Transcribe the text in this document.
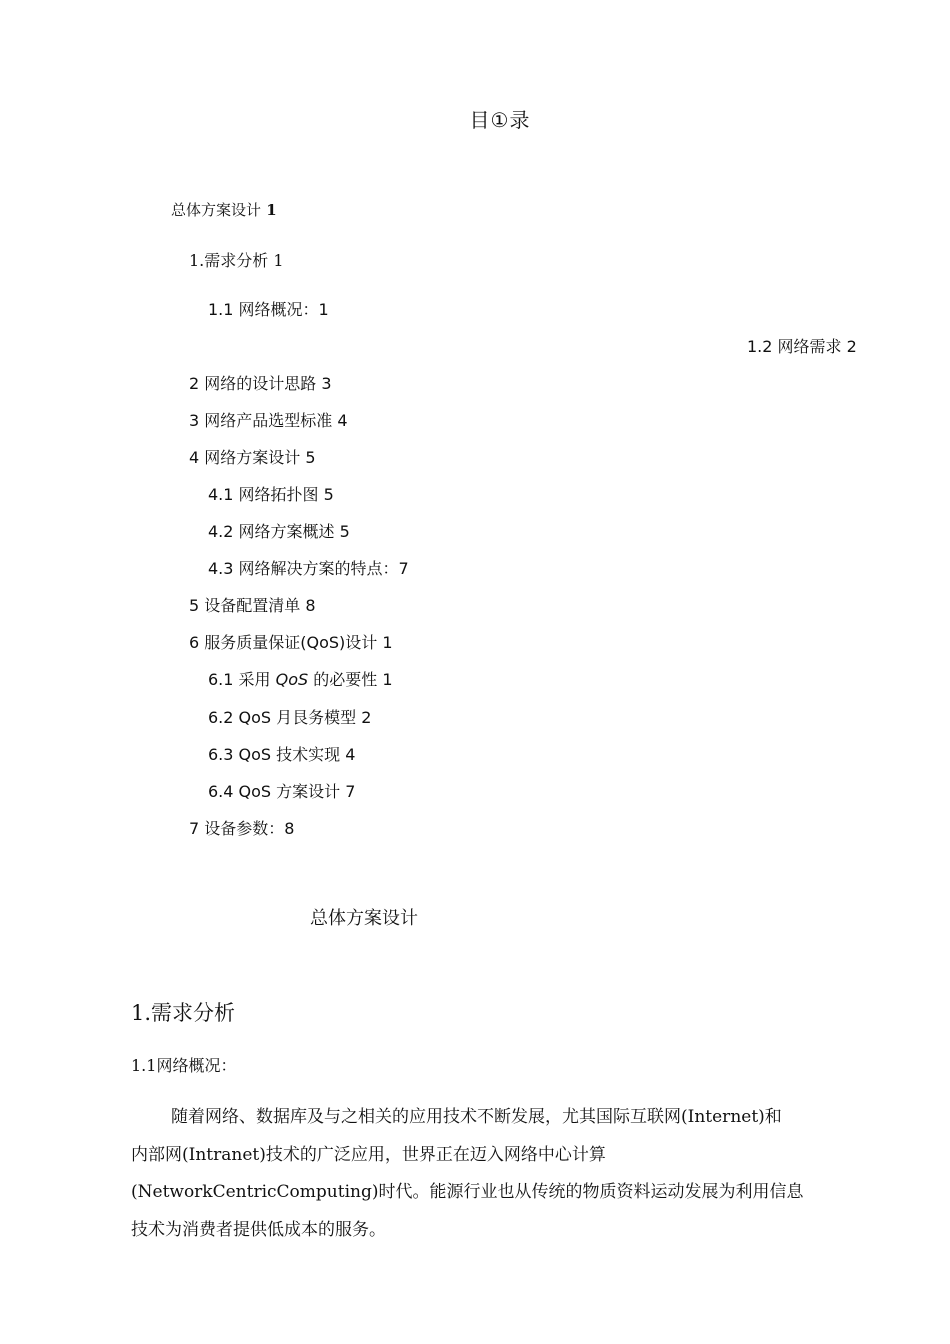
目①录
总体方案设计 1
1.需求分析 1
1.1 网络概况：1
1.2 网络需求 2
2 网络的设计思路 3
3 网络产品选型标准 4
4 网络方案设计 5
4.1 网络拓扑图 5
4.2 网络方案概述 5
4.3 网络解决方案的特点：7
5 设备配置清单 8
6 服务质量保证(QoS)设计 1
6.1 采用 QoS 的必要性 1
6.2 QoS 月艮务模型 2
6.3 QoS 技术实现 4
6.4 QoS 方案设计 7
7 设备参数：8
总体方案设计
1.需求分析
1.1网络概况：
随着网络、数据库及与之相关的应用技术不断发展，尤其国际互联网(Internet)和
内部网(Intranet)技术的广泛应用，世界正在迈入网络中心计算
(NetworkCentricComputing)时代。能源行业也从传统的物质资料运动发展为利用信息
技术为消费者提供低成本的服务。
